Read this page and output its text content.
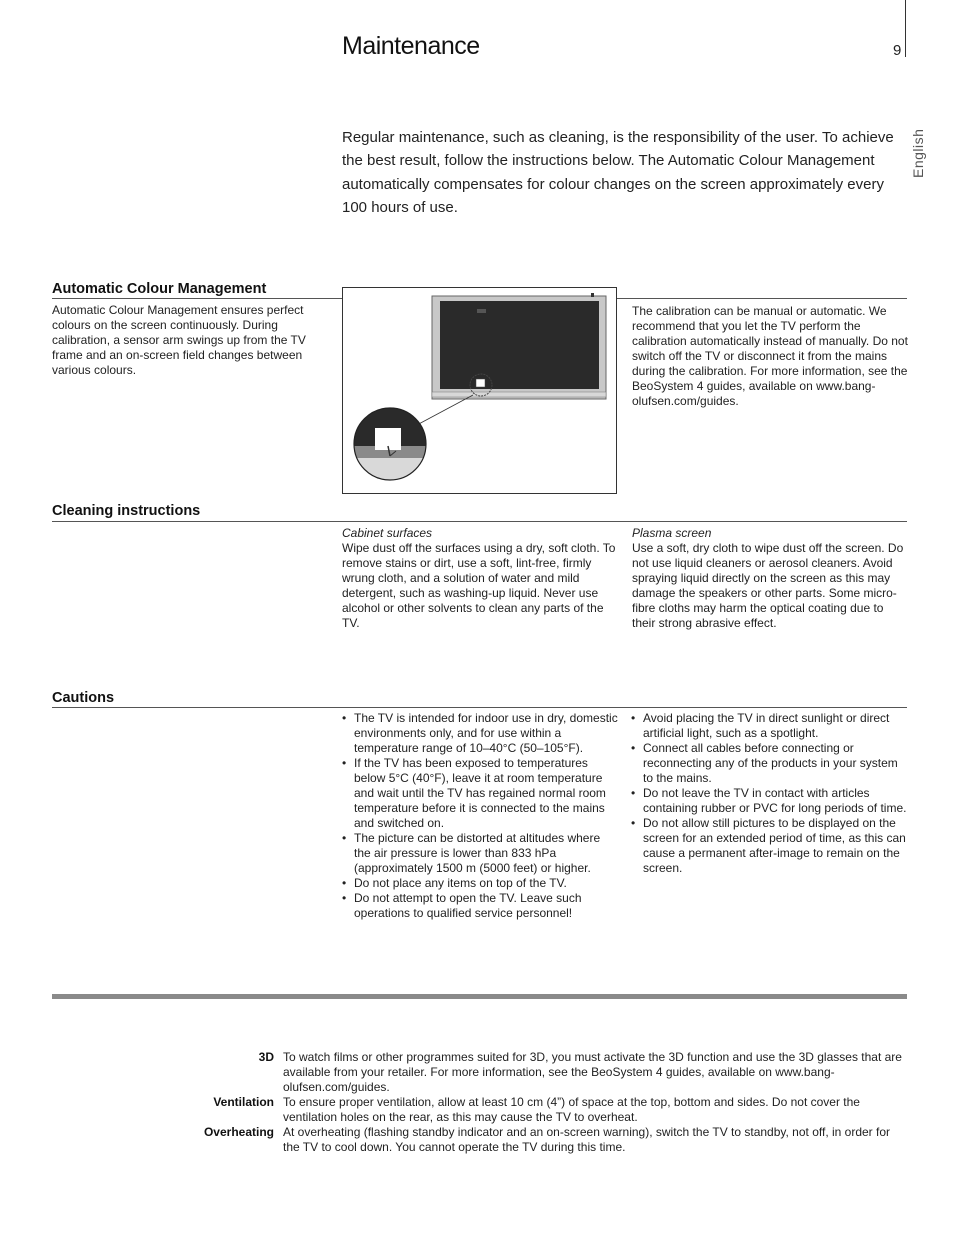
Maintenance	9
English
Regular maintenance, such as cleaning, is the responsibility of the user. To achieve the best result, follow the instructions below. The Automatic Colour Management automatically compensates for colour changes on the screen approximately every 100 hours of use.
Automatic Colour Management
Automatic Colour Management ensures perfect colours on the screen continuously. During calibration, a sensor arm swings up from the TV frame and an on-screen field changes between various colours.
The calibration can be manual or automatic. We recommend that you let the TV perform the calibration automatically instead of manually. Do not switch off the TV or disconnect it from the mains during the calibration. For more information, see the BeoSystem 4 guides, available on www.bang-olufsen.com/guides.
Cleaning instructions
Cabinet surfaces
Wipe dust off the surfaces using a dry, soft cloth. To remove stains or dirt, use a soft, lint-free, firmly wrung cloth, and a solution of water and mild detergent, such as washing-up liquid. Never use alcohol or other solvents to clean any parts of the TV.
Plasma screen
Use a soft, dry cloth to wipe dust off the screen. Do not use liquid cleaners or aerosol cleaners. Avoid spraying liquid directly on the screen as this may damage the speakers or other parts. Some micro-fibre cloths may harm the optical coating due to their strong abrasive effect.
Cautions
• The TV is intended for indoor use in dry, domestic environments only, and for use within a temperature range of 10–40°C (50–105°F).
• If the TV has been exposed to temperatures below 5°C (40°F), leave it at room temperature and wait until the TV has regained normal room temperature before it is connected to the mains and switched on.
• The picture can be distorted at altitudes where the air pressure is lower than 833 hPa (approximately 1500 m (5000 feet) or higher.
• Do not place any items on top of the TV.
• Do not attempt to open the TV. Leave such operations to qualified service personnel!
• Avoid placing the TV in direct sunlight or direct artificial light, such as a spotlight.
• Connect all cables before connecting or reconnecting any of the products in your system to the mains.
• Do not leave the TV in contact with articles containing rubber or PVC for long periods of time.
• Do not allow still pictures to be displayed on the screen for an extended period of time, as this can cause a permanent after-image to remain on the screen.
3D To watch films or other programmes suited for 3D, you must activate the 3D function and use the 3D glasses that are available from your retailer. For more information, see the BeoSystem 4 guides, available on www.bang-olufsen.com/guides.
Ventilation To ensure proper ventilation, allow at least 10 cm (4”) of space at the top, bottom and sides. Do not cover the ventilation holes on the rear, as this may cause the TV to overheat.
Overheating At overheating (flashing standby indicator and an on-screen warning), switch the TV to standby, not off, in order for the TV to cool down. You cannot operate the TV during this time.
